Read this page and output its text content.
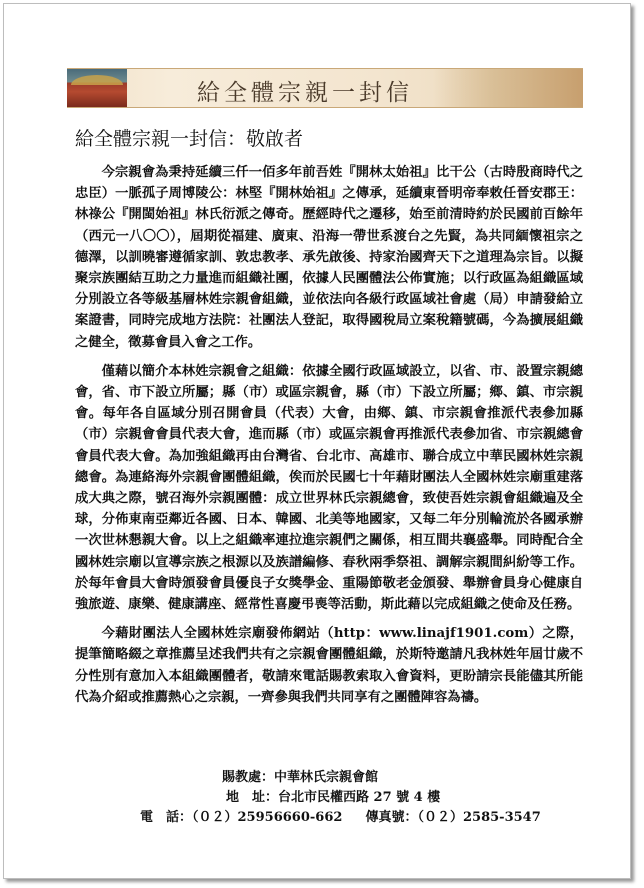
給全體宗親一封信
給全體宗親一封信：敬啟者

今宗親會為秉持延續三仟一佰多年前吾姓『開林太始祖』比干公（古時殷商時代之忠臣）一脈孤子周博陵公：林堅『開林始祖』之傳承，延續東晉明帝奉敕任晉安郡王：林祿公『開閩始祖』林氏衍派之傳奇。歷經時代之遷移，始至前清時約於民國前百餘年（西元一八〇〇），屆期從福建、廣東、沿海一帶世系渡台之先賢，為共同緬懷祖宗之德澤，以訓曉審遵循家訓、敦忠教孝、承先啟後、持家治國齊天下之道理為宗旨。以擬聚宗族團結互助之力量進而組織社團，依據人民團體法公佈實施；以行政區為組織區域分別設立各等級基層林姓宗親會組織，並依法向各級行政區域社會處（局）申請發給立案證書，同時完成地方法院：社團法人登記，取得國稅局立案稅籍號碼，今為擴展組織之健全，徵募會員入會之工作。

僅藉以簡介本林姓宗親會之組織：依據全國行政區域設立，以省、市、設置宗親總會，省、市下設立所屬；縣（市）或區宗親會，縣（市）下設立所屬；鄉、鎮、市宗親會。每年各自區域分別召開會員（代表）大會，由鄉、鎮、市宗親會推派代表參加縣（市）宗親會會員代表大會，進而縣（市）或區宗親會再推派代表參加省、市宗親總會會員代表大會。為加強組織再由台灣省、台北市、高雄市、聯合成立中華民國林姓宗親總會。為連絡海外宗親會團體組織，俟而於民國七十年藉財團法人全國林姓宗廟重建落成大典之際，號召海外宗親團體：成立世界林氏宗親總會，致使吾姓宗親會組織遍及全球，分佈東南亞鄰近各國、日本、韓國、北美等地國家，又每二年分別輪流於各國承辦一次世林懇親大會。以上之組織率連拉進宗親們之關係，相互間共襄盛舉。同時配合全國林姓宗廟以宣導宗族之根源以及族譜編修、春秋兩季祭祖、調解宗親間糾紛等工作。於每年會員大會時頒發會員優良子女獎學金、重陽節敬老金頒發、舉辦會員身心健康自強旅遊、康樂、健康講座、經常性喜慶弔喪等活動，斯此藉以完成組織之使命及任務。

今藉財團法人全國林姓宗廟發佈網站（http：www.linajf1901.com）之際，提筆簡略綴之章推薦呈述我們共有之宗親會團體組織，於斯特邀請凡我林姓年屆廿歲不分性別有意加入本組織團體者，敬請來電話賜教索取入會資料，更盼請宗長能儘其所能代為介紹或推薦熱心之宗親，一齊參與我們共同享有之團體陣容為禱。

賜教處：中華林氏宗親會館
地　址：台北市民權西路 27 號 4 樓
電　話：（０２）25956660-662 傳真號：（０２）2585-3547
